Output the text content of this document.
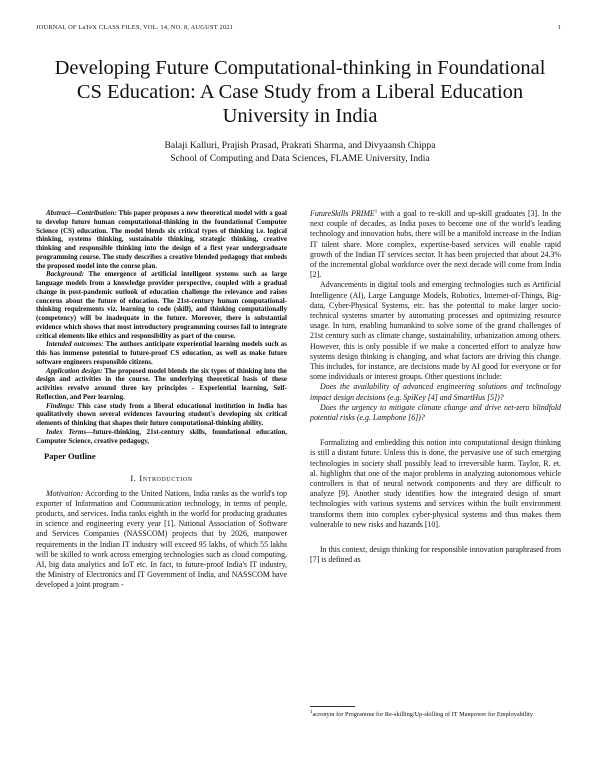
JOURNAL OF LaTeX CLASS FILES, VOL. 14, NO. 8, AUGUST 2021	1
Developing Future Computational-thinking in Foundational CS Education: A Case Study from a Liberal Education University in India
Balaji Kalluri, Prajish Prasad, Prakrati Sharma, and Divyaansh Chippa
School of Computing and Data Sciences, FLAME University, India

Abstract—Contribution: This paper proposes a new theoretical model with a goal to develop future human computational-thinking in the foundational Computer Science (CS) education. The model blends six critical types of thinking i.e. logical thinking, systems thinking, sustainable thinking, strategic thinking, creative thinking and responsible thinking into the design of a first year undergraduate programming course. The study describes a creative blended pedagogy that embeds the proposed model into the course plan.

Background: The emergence of artificial intelligent systems such as large language models from a knowledge provider perspective, coupled with a gradual change in post-pandemic outlook of education challenge the relevance and raises concerns about the future of education. The 21st-century human computational-thinking requirements viz. learning to code (skill), and thinking computationally (competency) will be inadequate in the future. Moreover, there is substantial evidence which shows that most introductory programming courses fail to integrate critical elements like ethics and responsibility as part of the course.

Intended outcomes: The authors anticipate experiential learning models such as this has immense potential to future-proof CS education, as well as make future software engineers responsible citizens.

Application design: The proposed model blends the six types of thinking into the design and activities in the course. The underlying theoretical basis of these activities revolve around three key principles - Experiential learning, Self-Reflection, and Peer learning.

Findings: This case study from a liberal educational institution in India has qualitatively shown several evidences favouring student's developing six critical elements of thinking that shapes their future computational-thinking ability.

Index Terms—future-thinking, 21st-century skills, foundational education, Computer Science, creative pedagogy,

Paper Outline
I. Introduction

Motivation: According to the United Nations, India ranks as the world's top exporter of Information and Communication technology, in terms of people, products, and services. India ranks eighth in the world for producing graduates in science and engineering every year [1]. National Association of Software and Services Companies (NASSCOM) projects that by 2026, manpower requirements in the Indian IT industry will exceed 95 lakhs, of which 55 lakhs will be skilled to work across emerging technologies such as cloud computing, AI, big data analytics and IoT etc. In fact, to future-proof India's IT industry, the Ministry of Electronics and IT Government of India, and NASSCOM have developed a joint program -

FutureSkills PRIME$^1$ with a goal to re-skill and up-skill graduates [3]. In the next couple of decades, as India poses to become one of the world's leading technology and innovation hubs, there will be a manifold increase in the Indian IT talent share. More complex, expertise-based services will enable rapid growth of the Indian IT services sector. It has been projected that about 24.3% of the incremental global workforce over the next decade will come from India [2].

Advancements in digital tools and emerging technologies such as Artificial Intelligence (AI), Large Language Models, Robotics, Internet-of-Things, Big-data, Cyber-Physical Systems, etc. has the potential to make larger socio-technical systems smarter by automating processes and optimizing resource usage. In turn, enabling humankind to solve some of the grand challenges of 21st century such as climate change, sustainability, urbanization among others. However, this is only possible if we make a concerted effort to analyze how systems design thinking is changing, and what factors are driving this change. This includes, for instance, are decisions made by AI good for everyone or for some individuals or interest groups. Other questions include:

Does the availability of advanced engineering solutions and technology impact design decisions (e.g. SpiKey [4] and SmartHus [5])?

Does the urgency to mitigate climate change and drive net-zero blindfold potential risks (e.g. Lamphone [6])?

Formalizing and embedding this notion into computational design thinking is still a distant future. Unless this is done, the pervasive use of such emerging technologies in society shall possibly lead to irreversible harm. Taylor, R. et. al. highlights that one of the major problems in analyzing autonomous vehicle controllers is that of neural network components and they are difficult to analyze [9]. Another study identifies how the integrated design of smart technologies with various systems and services within the built environment transforms them into complex cyber-physical systems and thus makes them vulnerable to new risks and hazards [10].

In this context, design thinking for responsible innovation paraphrased from [7] is defined as

$^1$acronym for Programme for Re-skilling/Up-skilling of IT Manpower for Employability
